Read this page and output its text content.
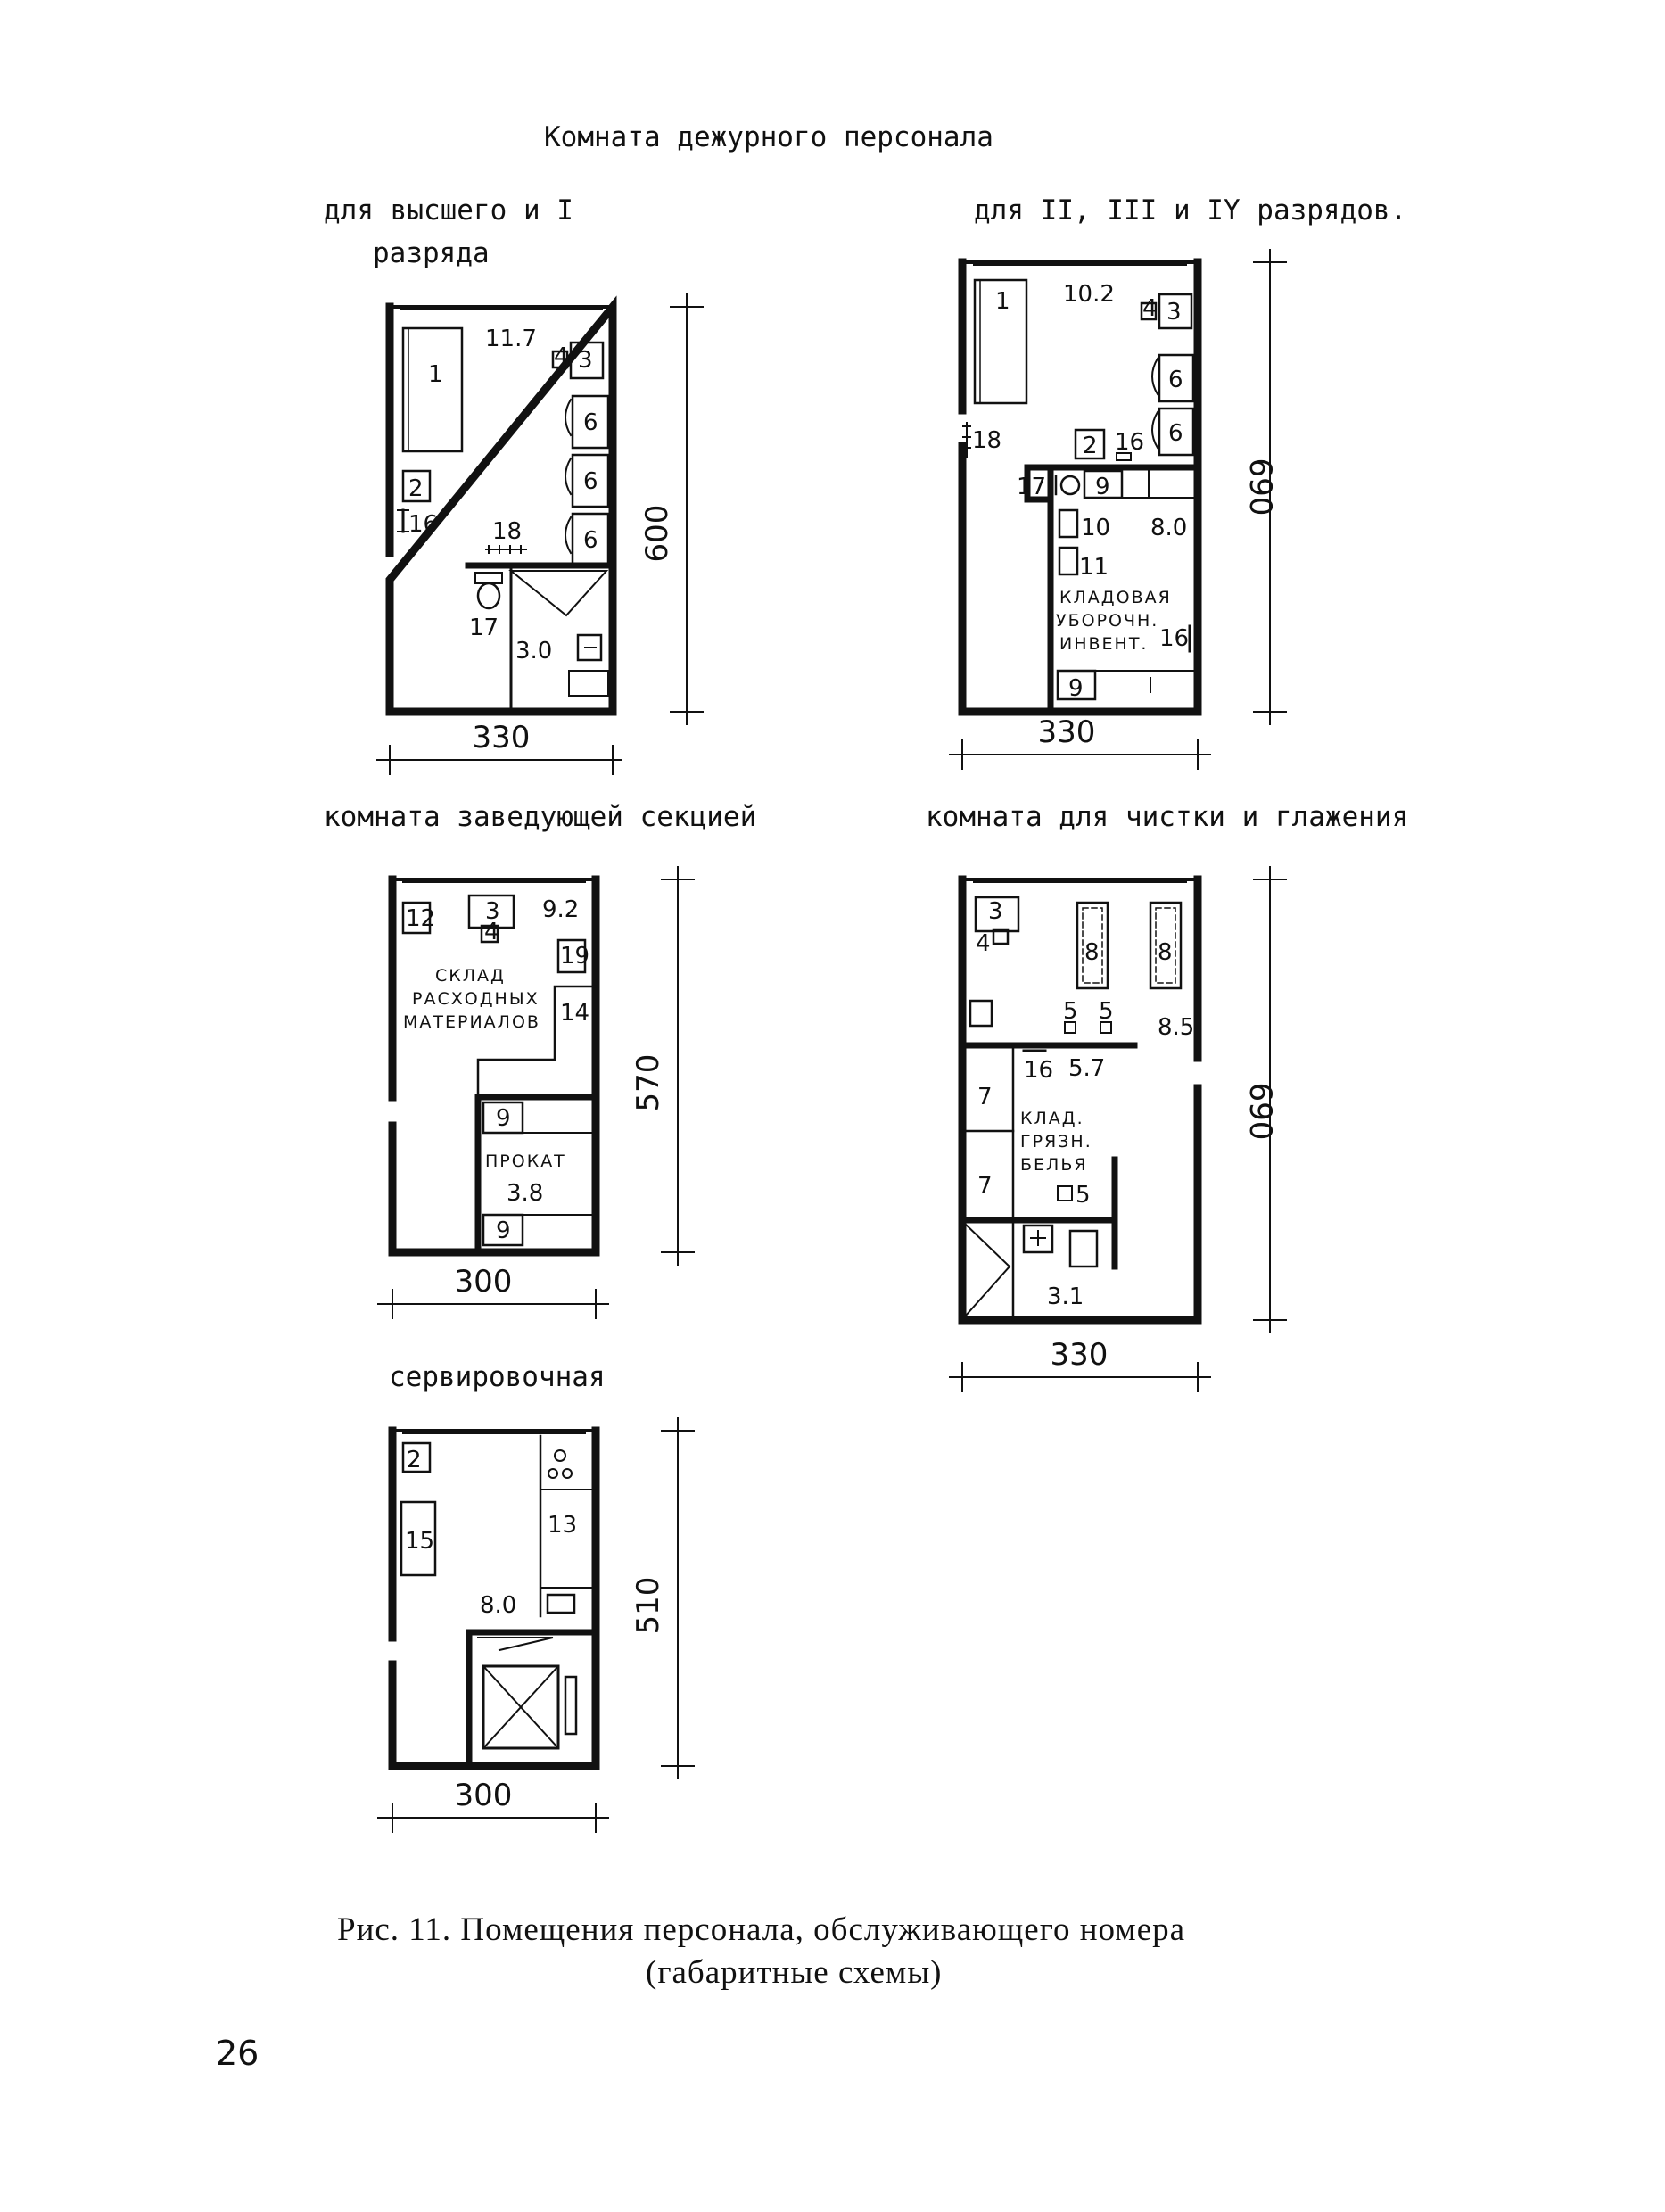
Комната дежурного персонала
для высшего и I
разряда
для II, III и IY разрядов.
комната заведующей секцией	комната для чистки и глажения
сервировочная
Рис. 11. Помещения персонала, обслуживающего номера
(габаритные схемы)
26
11.7
3.0
1
2
3
4
6
6
6
16
17
18	600
330
10.2
8.0
1	3
4
6
6
2 16
18
17 9
10
11
16
9
КЛАДОВАЯ
УБОРОЧН.
ИНВЕНТ.
690
330
9.2
3.8
12 3
4
19
14
9
9
СКЛАД
РАСХОДНЫХ
МАТЕРИАЛОВ
ПРОКАТ
570
300
8.5
5.7
3.1
3
4	8	8
5 5
16
7
7	5
КЛАД.
ГРЯЗН.
БЕЛЬЯ
690
330
8.0
2
15
13
510
300
